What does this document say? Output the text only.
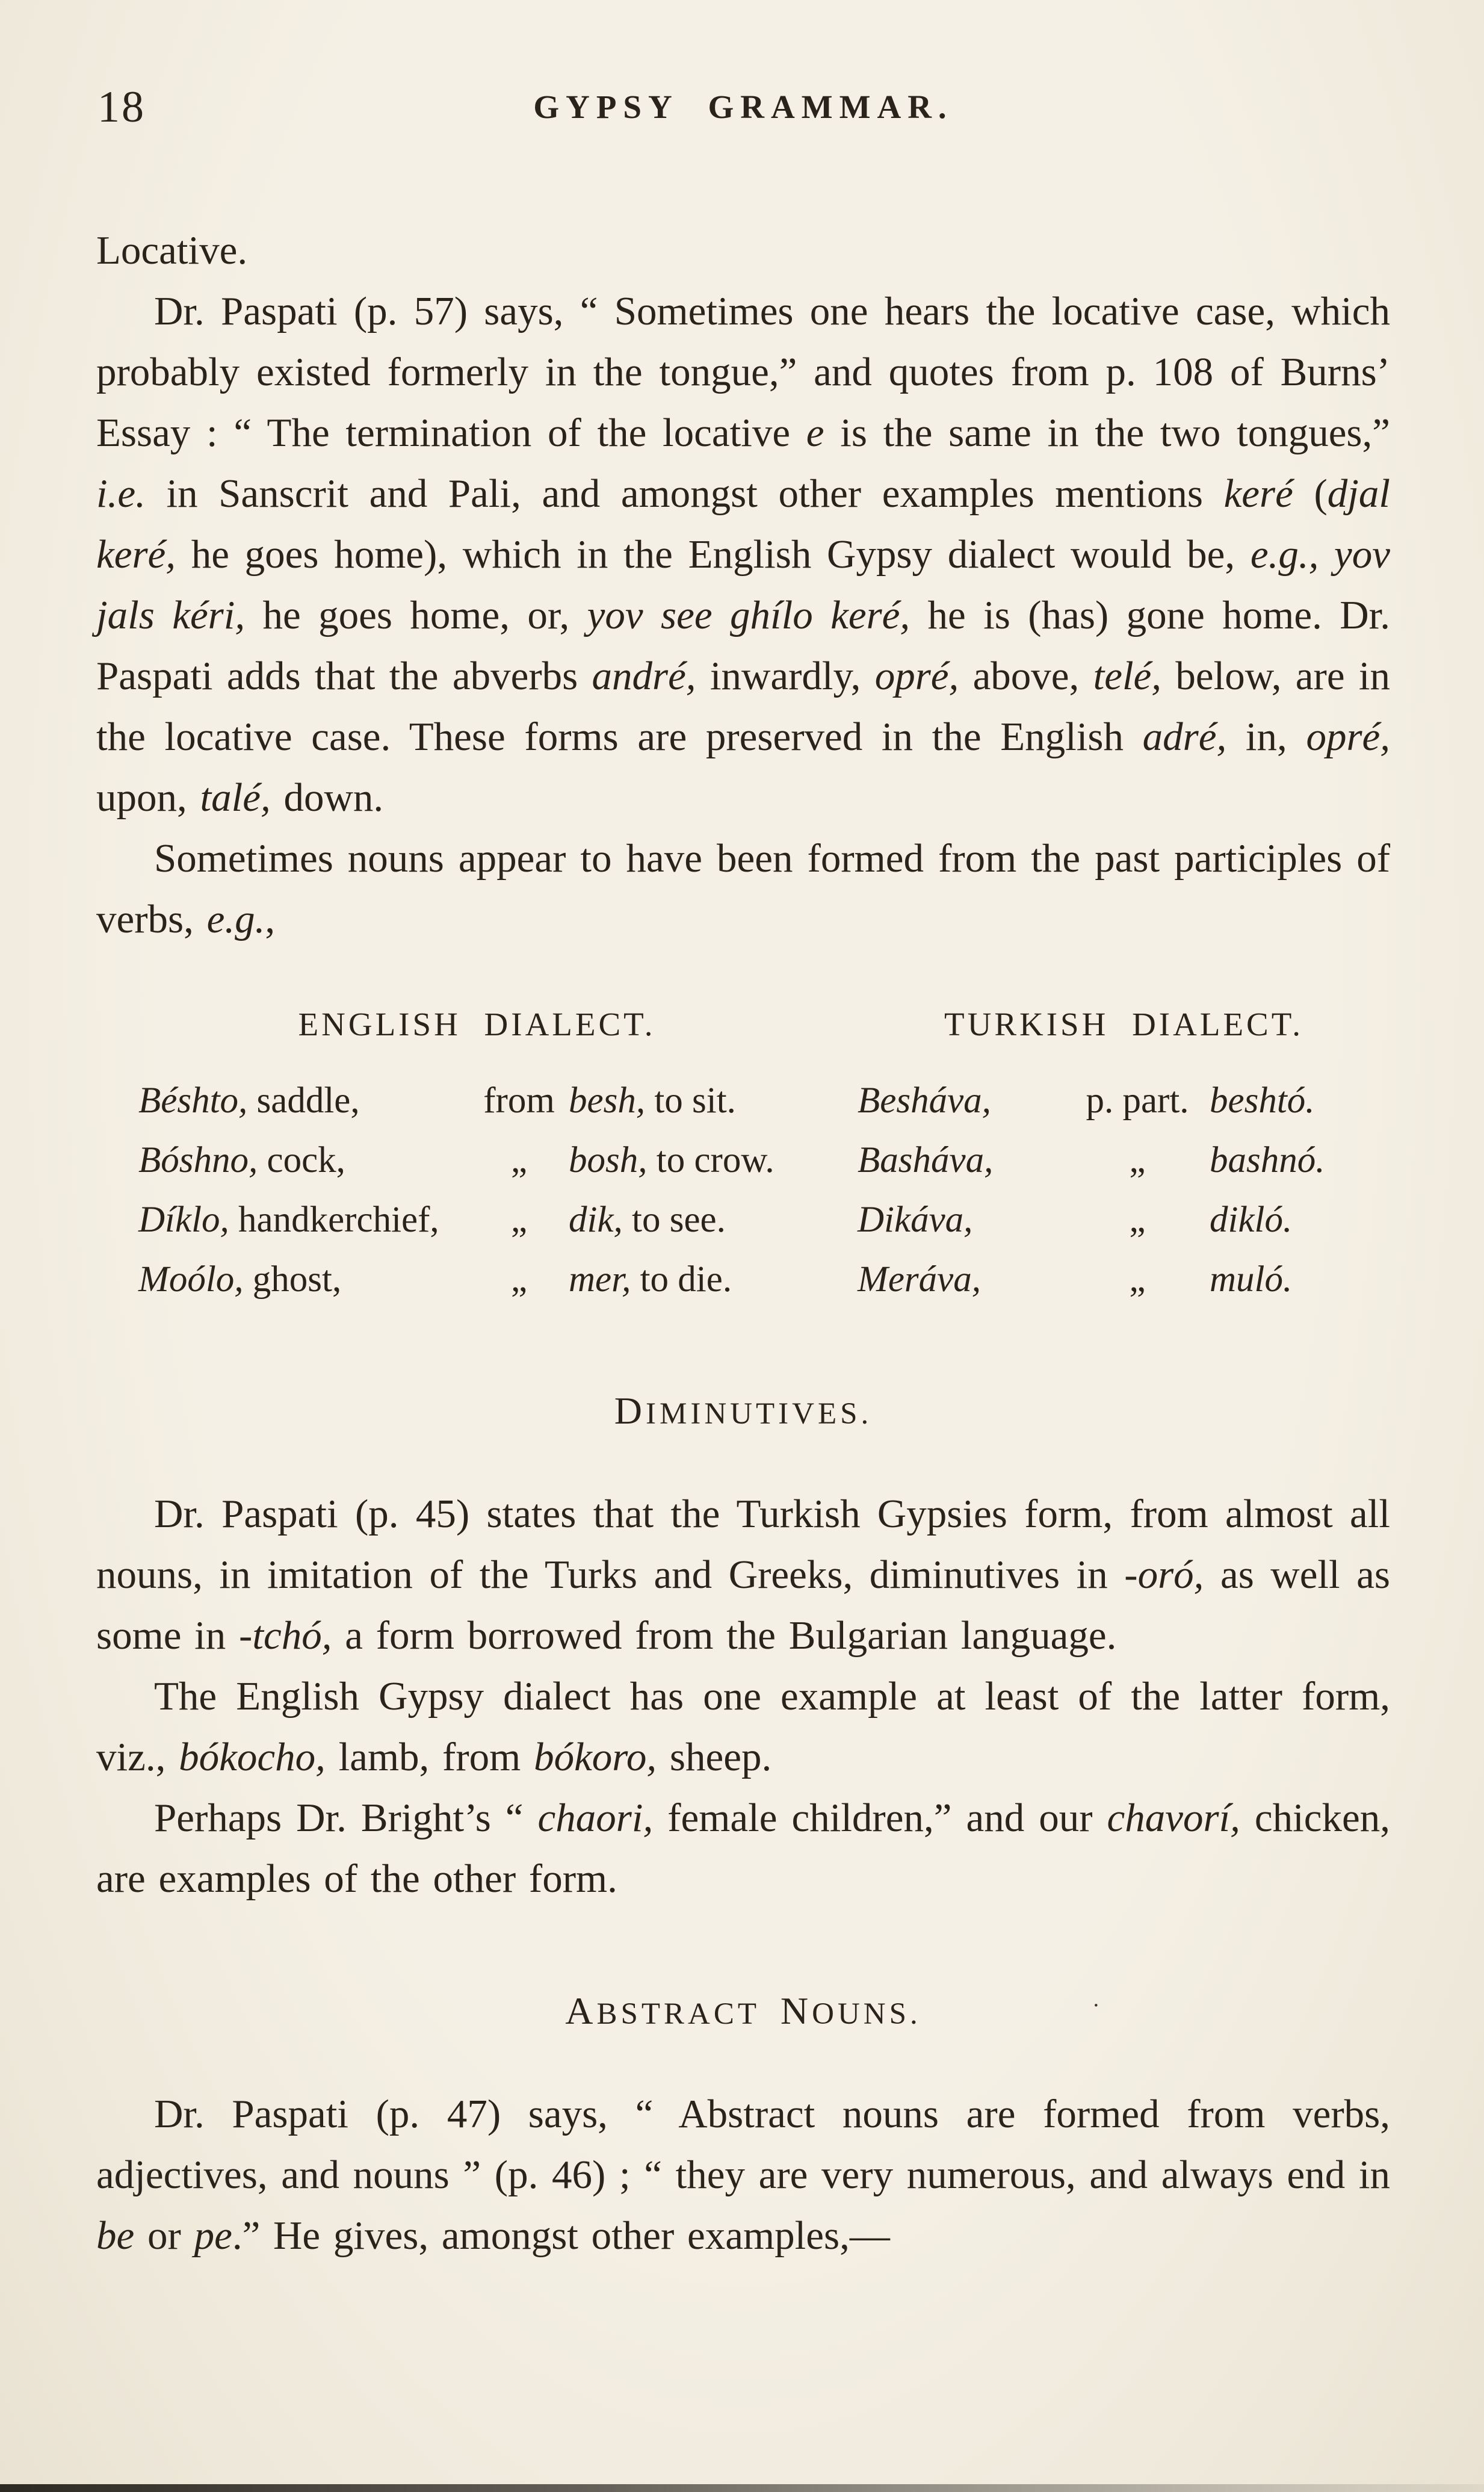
18	GYPSY GRAMMAR.

Locative.

Dr. Paspati (p. 57) says, “ Sometimes one hears the locative case, which probably existed formerly in the tongue,” and quotes from p. 108 of Burns’ Essay : “ The termination of the locative e is the same in the two tongues,” i.e. in Sanscrit and Pali, and amongst other examples mentions keré (djal keré, he goes home), which in the English Gypsy dialect would be, e.g., yov jals kéri, he goes home, or, yov see ghílo keré, he is (has) gone home. Dr. Paspati adds that the abverbs andré, inwardly, opré, above, telé, below, are in the locative case. These forms are preserved in the English adré, in, opré, upon, talé, down.

Sometimes nouns appear to have been formed from the past participles of verbs, e.g.,

ENGLISH DIALECT.	TURKISH DIALECT.
Béshto, saddle,	from besh, to sit.	Besháva,	p. part. beshtó.
Bóshno, cock,	„	bosh, to crow.	Basháva,	„	bashnó.
Díklo, handkerchief,	„	dik, to see.	Dikáva,	„	dikló.
Moólo, ghost,	„	mer, to die.	Meráva,	„	muló.
DIMINUTIVES.

Dr. Paspati (p. 45) states that the Turkish Gypsies form, from almost all nouns, in imitation of the Turks and Greeks, diminutives in -oró, as well as some in -tchó, a form borrowed from the Bulgarian language.

The English Gypsy dialect has one example at least of the latter form, viz., bókocho, lamb, from bókoro, sheep.

Perhaps Dr. Bright’s “ chaori, female children,” and our chavorí, chicken, are examples of the other form.

ABSTRACT NOUNS.	·

Dr. Paspati (p. 47) says, “ Abstract nouns are formed from verbs, adjectives, and nouns ” (p. 46) ; “ they are very numerous, and always end in be or pe.” He gives, amongst other examples,—
